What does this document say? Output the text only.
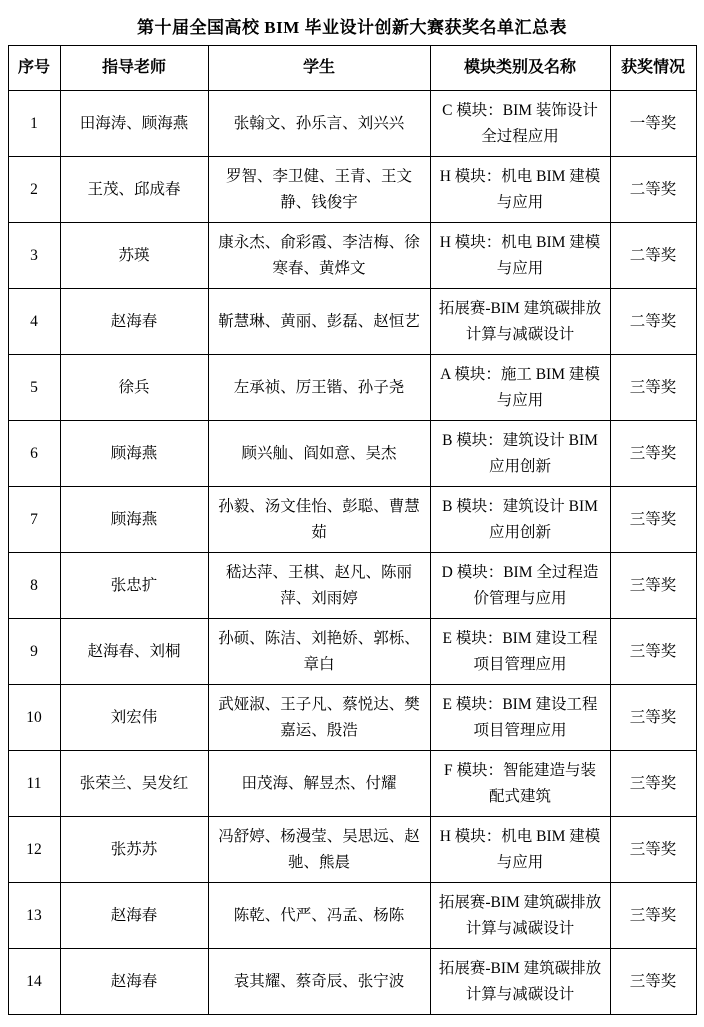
第十届全国高校 BIM 毕业设计创新大赛获奖名单汇总表
序号	指导老师	学生	模块类别及名称	获奖情况
1	田海涛、顾海燕	张翰文、孙乐言、刘兴兴	C 模块：BIM 装饰设计全过程应用	一等奖
2	王茂、邱成春	罗智、李卫健、王青、王文静、钱俊宇	H 模块：机电 BIM 建模与应用	二等奖
3	苏瑛	康永杰、俞彩霞、李洁梅、徐寒春、黄烨文	H 模块：机电 BIM 建模与应用	二等奖
4	赵海春	靳慧琳、黄丽、彭磊、赵恒艺	拓展赛-BIM 建筑碳排放计算与减碳设计	二等奖
5	徐兵	左承祯、厉王锴、孙子尧	A 模块：施工 BIM 建模与应用	三等奖
6	顾海燕	顾兴舢、阎如意、吴杰	B 模块：建筑设计 BIM 应用创新	三等奖
7	顾海燕	孙毅、汤文佳怡、彭聪、曹慧茹	B 模块：建筑设计 BIM 应用创新	三等奖
8	张忠扩	嵇达萍、王棋、赵凡、陈丽萍、刘雨婷	D 模块：BIM 全过程造价管理与应用	三等奖
9	赵海春、刘桐	孙硕、陈洁、刘艳娇、郭栎、章白	E 模块：BIM 建设工程项目管理应用	三等奖
10	刘宏伟	武娅淑、王子凡、蔡悦达、樊嘉运、殷浩	E 模块：BIM 建设工程项目管理应用	三等奖
11	张荣兰、吴发红	田茂海、解昱杰、付耀	F 模块：智能建造与装配式建筑	三等奖
12	张苏苏	冯舒婷、杨漫莹、吴思远、赵驰、熊晨	H 模块：机电 BIM 建模与应用	三等奖
13	赵海春	陈乾、代严、冯孟、杨陈	拓展赛-BIM 建筑碳排放计算与减碳设计	三等奖
14	赵海春	袁其耀、蔡奇辰、张宁波	拓展赛-BIM 建筑碳排放计算与减碳设计	三等奖
